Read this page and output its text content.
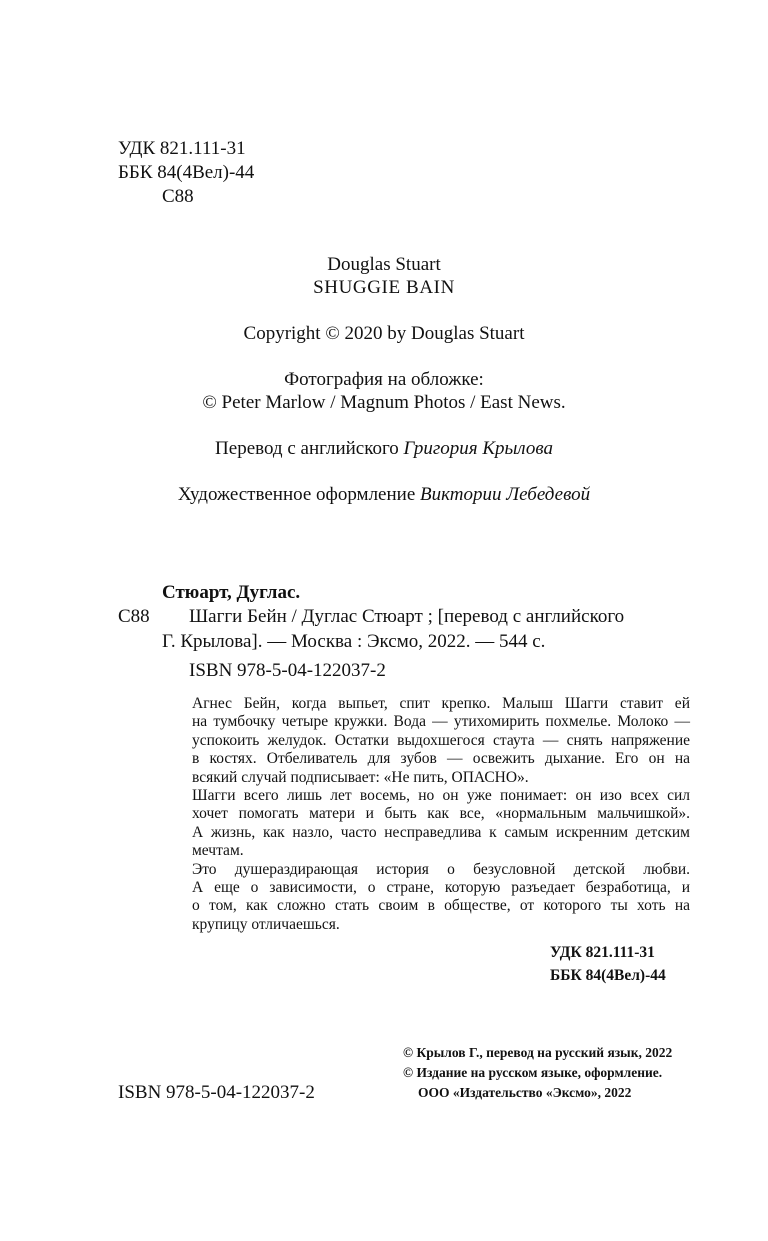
УДК 821.111-31
ББК 84(4Вел)-44
С88
Douglas Stuart
SHUGGIE BAIN
Copyright © 2020 by Douglas Stuart
Фотография на обложке:
© Peter Marlow / Magnum Photos / East News.
Перевод с английского Григория Крылова
Художественное оформление Виктории Лебедевой
Стюарт, Дуглас.
С88 Шагги Бейн / Дуглас Стюарт ; [перевод с английского
Г. Крылова]. — Москва : Эксмо, 2022. — 544 с.
ISBN 978-5-04-122037-2

Агнес Бейн, когда выпьет, спит крепко. Малыш Шагги ставит ей
на тумбочку четыре кружки. Вода — утихомирить похмелье. Молоко —
успокоить желудок. Остатки выдохшегося стаута — снять напряжение
в костях. Отбеливатель для зубов — освежить дыхание. Его он на
всякий случай подписывает: «Не пить, ОПАСНО».

Шагги всего лишь лет восемь, но он уже понимает: он изо всех сил
хочет помогать матери и быть как все, «нормальным мальчишкой».
А жизнь, как назло, часто несправедлива к самым искренним детским
мечтам.

Это душераздирающая история о безусловной детской любви.
А еще о зависимости, о стране, которую разъедает безработица, и
о том, как сложно стать своим в обществе, от которого ты хоть на
крупицу отличаешься.

УДК 821.111-31
ББК 84(4Вел)-44
ISBN 978-5-04-122037-2
© Крылов Г., перевод на русский язык, 2022
© Издание на русском языке, оформление.
ООО «Издательство «Эксмо», 2022
